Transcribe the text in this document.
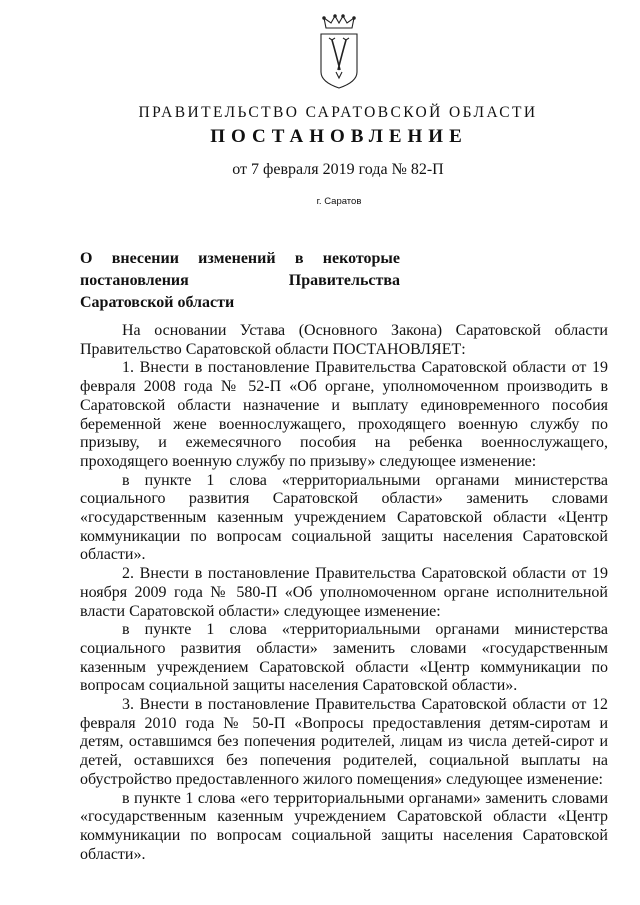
ПРАВИТЕЛЬСТВО САРАТОВСКОЙ ОБЛАСТИ
ПОСТАНОВЛЕНИЕ
от 7 февраля 2019 года № 82-П
г. Саратов
О внесении изменений в некоторые постановления Правительства Саратовской области

На основании Устава (Основного Закона) Саратовской области Правительство Саратовской области ПОСТАНОВЛЯЕТ:

1. Внести в постановление Правительства Саратовской области от 19 февраля 2008 года № 52-П «Об органе, уполномоченном производить в Саратовской области назначение и выплату единовременного пособия беременной жене военнослужащего, проходящего военную службу по призыву, и ежемесячного пособия на ребенка военнослужащего, проходящего военную службу по призыву» следующее изменение:

в пункте 1 слова «территориальными органами министерства социального развития Саратовской области» заменить словами «государственным казенным учреждением Саратовской области «Центр коммуникации по вопросам социальной защиты населения Саратовской области».

2. Внести в постановление Правительства Саратовской области от 19 ноября 2009 года № 580-П «Об уполномоченном органе исполнительной власти Саратовской области» следующее изменение:

в пункте 1 слова «территориальными органами министерства социального развития области» заменить словами «государственным казенным учреждением Саратовской области «Центр коммуникации по вопросам социальной защиты населения Саратовской области».

3. Внести в постановление Правительства Саратовской области от 12 февраля 2010 года № 50-П «Вопросы предоставления детям-сиротам и детям, оставшимся без попечения родителей, лицам из числа детей-сирот и детей, оставшихся без попечения родителей, социальной выплаты на обустройство предоставленного жилого помещения» следующее изменение:

в пункте 1 слова «его территориальными органами» заменить словами «государственным казенным учреждением Саратовской области «Центр коммуникации по вопросам социальной защиты населения Саратовской области».
